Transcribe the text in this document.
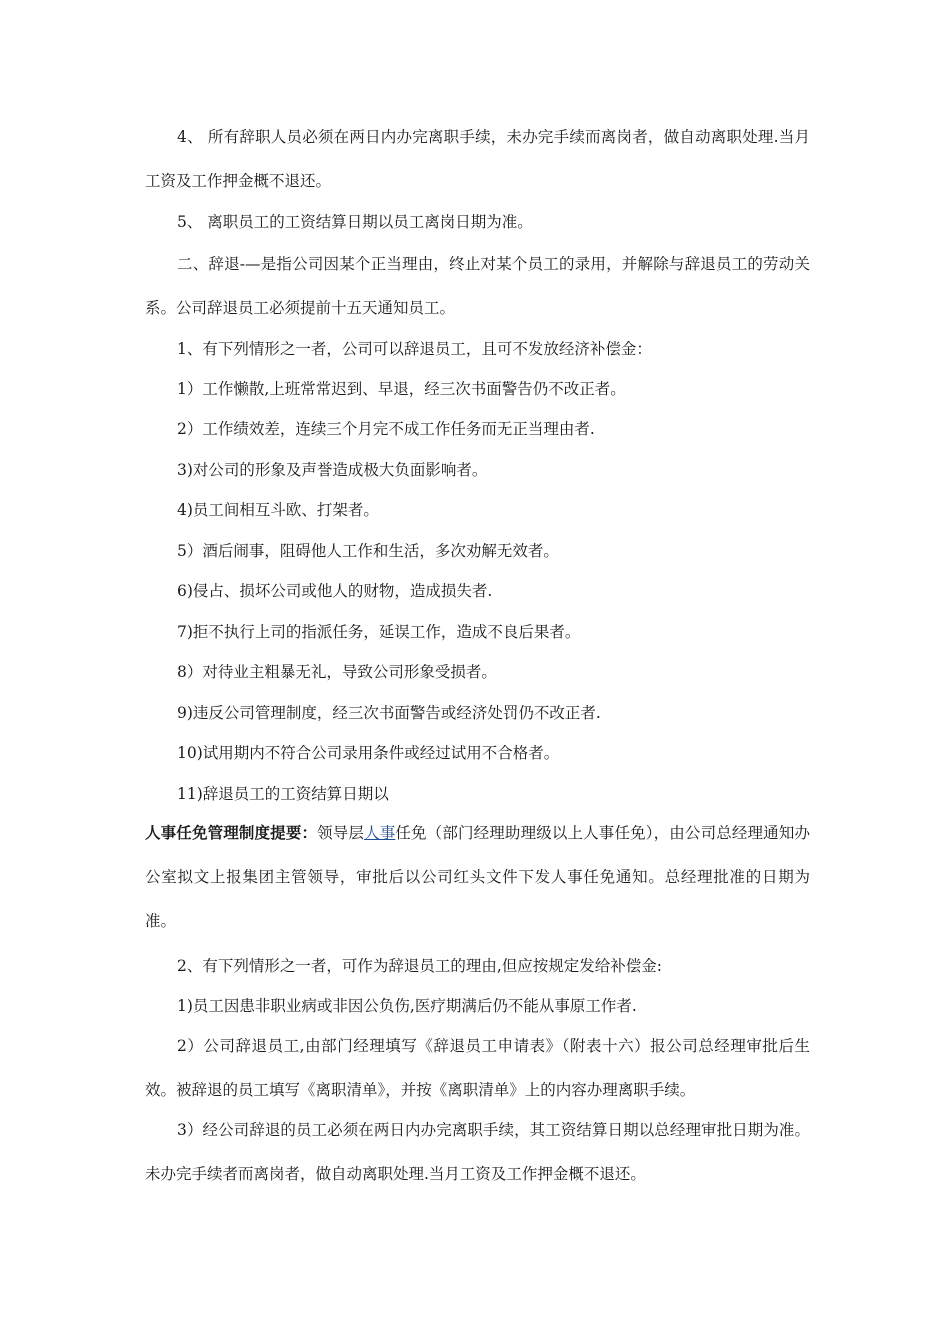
4、 所有辞职人员必须在两日内办完离职手续，未办完手续而离岗者，做自动离职处理.当月工资及工作押金概不退还。

5、 离职员工的工资结算日期以员工离岗日期为准。

二、辞退-—是指公司因某个正当理由，终止对某个员工的录用，并解除与辞退员工的劳动关系。公司辞退员工必须提前十五天通知员工。

1、有下列情形之一者，公司可以辞退员工，且可不发放经济补偿金：

1）工作懒散,上班常常迟到、早退，经三次书面警告仍不改正者。

2）工作绩效差，连续三个月完不成工作任务而无正当理由者.

3)对公司的形象及声誉造成极大负面影响者。

4)员工间相互斗欧、打架者。

5）酒后闹事，阻碍他人工作和生活，多次劝解无效者。

6)侵占、损坏公司或他人的财物，造成损失者.

7)拒不执行上司的指派任务，延误工作，造成不良后果者。

8）对待业主粗暴无礼，导致公司形象受损者。

9)违反公司管理制度，经三次书面警告或经济处罚仍不改正者.

10)试用期内不符合公司录用条件或经过试用不合格者。

11)辞退员工的工资结算日期以

人事任免管理制度提要：领导层人事任免（部门经理助理级以上人事任免），由公司总经理通知办公室拟文上报集团主管领导，审批后以公司红头文件下发人事任免通知。总经理批准的日期为准。

2、有下列情形之一者，可作为辞退员工的理由,但应按规定发给补偿金:

1)员工因患非职业病或非因公负伤,医疗期满后仍不能从事原工作者.

2）公司辞退员工,由部门经理填写《辞退员工申请表》（附表十六）报公司总经理审批后生效。被辞退的员工填写《离职清单》，并按《离职清单》上的内容办理离职手续。

3）经公司辞退的员工必须在两日内办完离职手续，其工资结算日期以总经理审批日期为准。未办完手续者而离岗者，做自动离职处理.当月工资及工作押金概不退还。
